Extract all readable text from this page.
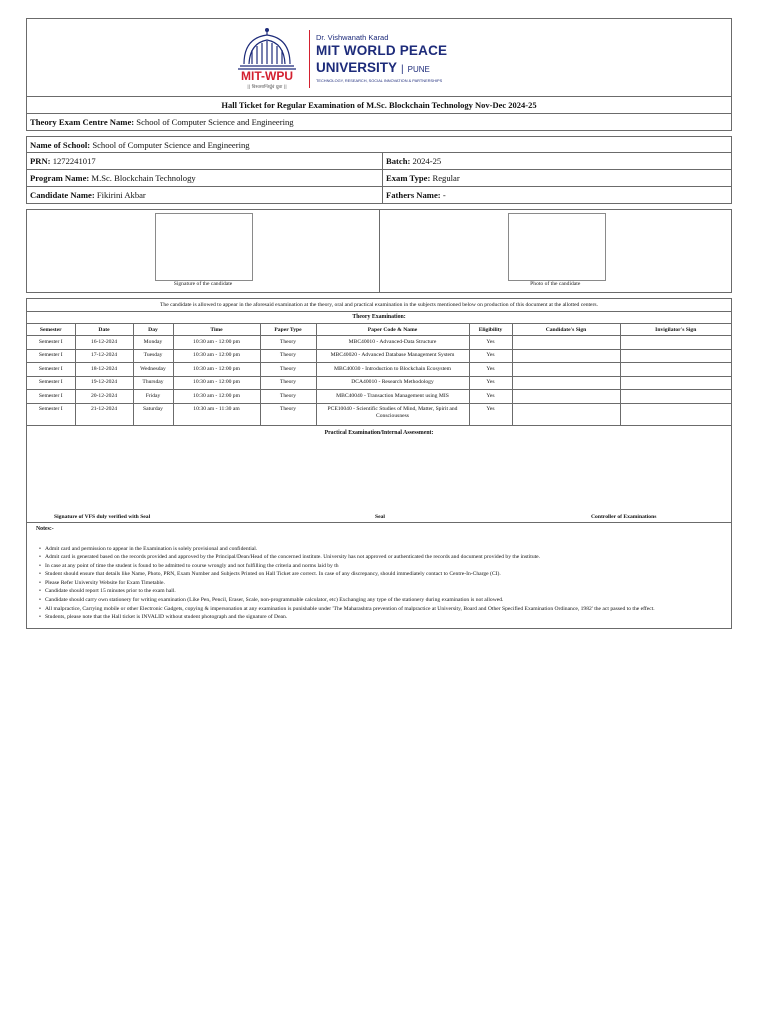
MIT-WPU
|| विश्वशान्तिर्ध्रुवं ध्रुवा ||
Dr. Vishwanath Karad
MIT WORLD PEACE
UNIVERSITY | PUNE
TECHNOLOGY, RESEARCH, SOCIAL INNOVATION & PARTNERSHIPS
Hall Ticket for Regular Examination of M.Sc. Blockchain Technology Nov-Dec 2024-25
Theory Exam Centre Name: School of Computer Science and Engineering
Name of School: School of Computer Science and Engineering
PRN: 1272241017	Batch: 2024-25
Program Name: M.Sc. Blockchain Technology	Exam Type: Regular
Candidate Name: Fikirini Akbar	Fathers Name: -
Signature of the candidate	Photo of the candidate
The candidate is allowed to appear in the aforesaid examination at the theory, oral and practical examination in the subjects mentioned below on production of this document at the allotted centers.
Theory Examination:
Semester	Date	Day	Time	Paper Type	Paper Code & Name	Eligibility	Candidate's Sign	Invigilator's Sign
Semester I	16-12-2024	Monday	10:30 am - 12:00 pm	Theory	MBC40010 - Advanced-Data Structure	Yes		
Semester I	17-12-2024	Tuesday	10:30 am - 12:00 pm	Theory	MBC40020 - Advanced Database Management System	Yes		
Semester I	18-12-2024	Wednesday	10:30 am - 12:00 pm	Theory	MBC40030 - Introduction to Blockchain Ecosystem	Yes		
Semester I	19-12-2024	Thursday	10:30 am - 12:00 pm	Theory	DCA40010 - Research Methodology	Yes		
Semester I	20-12-2024	Friday	10:30 am - 12:00 pm	Theory	MBC40040 - Transaction Management using MIS	Yes		
Semester I	21-12-2024	Saturday	10:30 am - 11:30 am	Theory	PCE10040 - Scientific Studies of Mind, Matter, Spirit and Consciousness	Yes		
Practical Examination/Internal Assessment:
Signature of VFS duly verified with Seal	Seal	Controller of Examinations
Notes:-
• Admit card and permission to appear in the Examination is solely provisional and confidential.
• Admit card is generated based on the records provided and approved by the Principal/Dean/Head of the concerned institute. University has not approved or authenticated the records and document provided by the institute.
• In case at any point of time the student is found to be admitted to course wrongly and not fulfilling the criteria and norms laid by th
• Student should ensure that details like Name, Photo, PRN, Exam Number and Subjects Printed on Hall Ticket are correct. In case of any discrepancy, should immediately contact to Centre-In-Charge (CI).
• Please Refer University Website for Exam Timetable.
• Candidate should report 15 minutes prior to the exam hall.
• Candidate should carry own stationery for writing examination (Like Pen, Pencil, Eraser, Scale, non-programmable calculator, etc) Exchanging any type of the stationery during examination is not allowed.
• All malpractice, Carrying mobile or other Electronic Gadgets, copying & impersonation at any examination is punishable under 'The Maharashtra prevention of malpractice at University, Board and Other Specified Examination Ordinance, 1982' the act passed to the effect.
• Students, please note that the Hall ticket is INVALID without student photograph and the signature of Dean.
